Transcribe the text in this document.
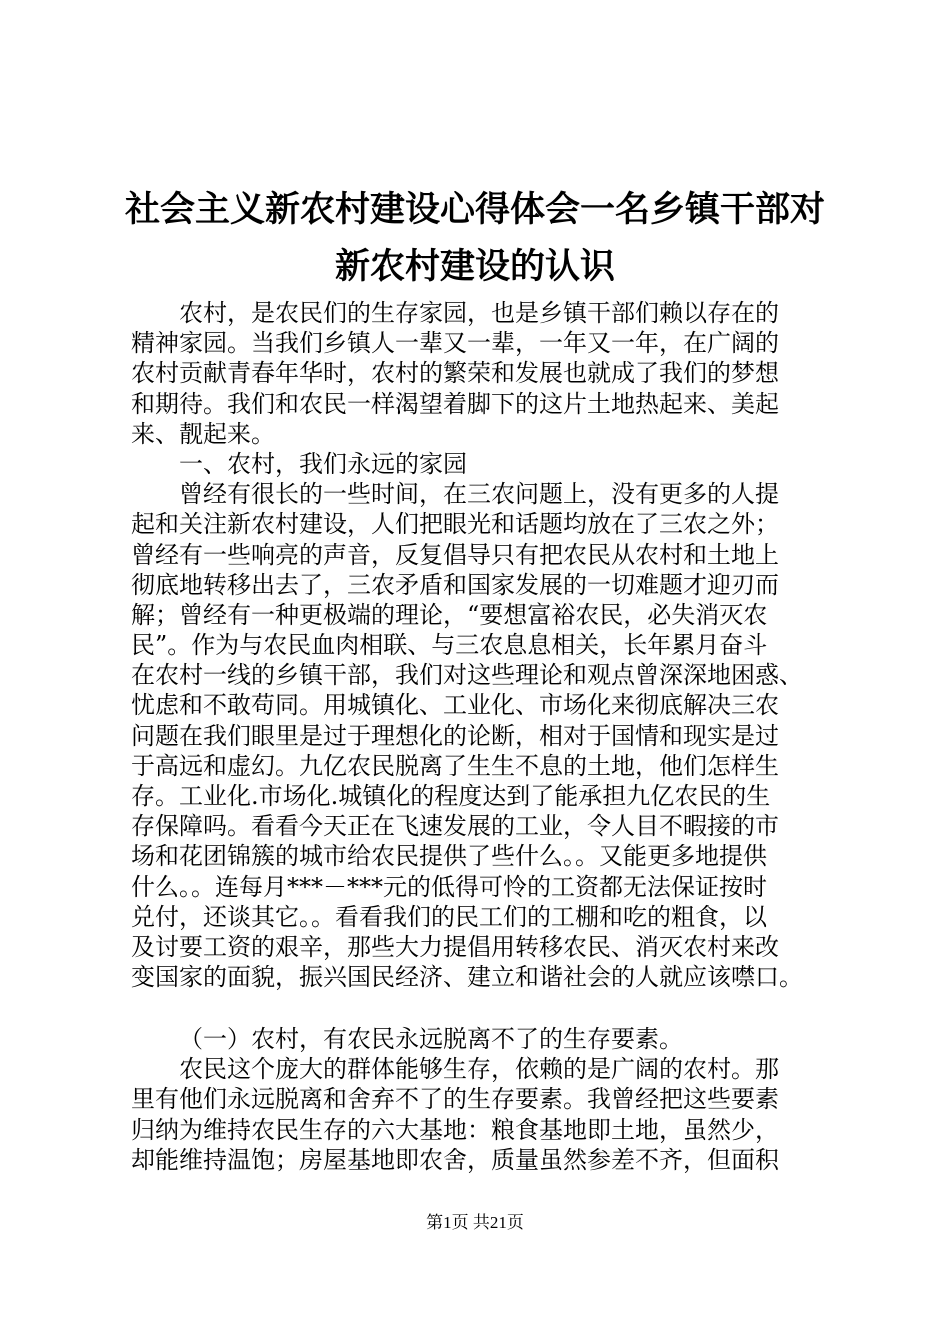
社会主义新农村建设心得体会一名乡镇干部对
新农村建设的认识
农村，是农民们的生存家园，也是乡镇干部们赖以存在的
精神家园。当我们乡镇人一辈又一辈，一年又一年，在广阔的
农村贡献青春年华时，农村的繁荣和发展也就成了我们的梦想
和期待。我们和农民一样渴望着脚下的这片土地热起来、美起
来、靓起来。
一、农村，我们永远的家园
曾经有很长的一些时间，在三农问题上，没有更多的人提
起和关注新农村建设，人们把眼光和话题均放在了三农之外；
曾经有一些响亮的声音，反复倡导只有把农民从农村和土地上
彻底地转移出去了，三农矛盾和国家发展的一切难题才迎刃而
解；曾经有一种更极端的理论，“要想富裕农民，必失消灭农
民”。作为与农民血肉相联、与三农息息相关，长年累月奋斗
在农村一线的乡镇干部，我们对这些理论和观点曾深深地困惑、
忧虑和不敢苟同。用城镇化、工业化、市场化来彻底解决三农
问题在我们眼里是过于理想化的论断，相对于国情和现实是过
于高远和虚幻。九亿农民脱离了生生不息的土地，他们怎样生
存。工业化.市场化.城镇化的程度达到了能承担九亿农民的生
存保障吗。看看今天正在飞速发展的工业，令人目不暇接的市
场和花团锦簇的城市给农民提供了些什么。。又能更多地提供
什么。。连每月***－***元的低得可怜的工资都无法保证按时
兑付，还谈其它。。看看我们的民工们的工棚和吃的粗食，以
及讨要工资的艰辛，那些大力提倡用转移农民、消灭农村来改
变国家的面貌，振兴国民经济、建立和谐社会的人就应该噤口。
（一）农村，有农民永远脱离不了的生存要素。
农民这个庞大的群体能够生存，依赖的是广阔的农村。那
里有他们永远脱离和舍弃不了的生存要素。我曾经把这些要素
归纳为维持农民生存的六大基地：粮食基地即土地，虽然少，
却能维持温饱；房屋基地即农舍，质量虽然参差不齐，但面积
第1页 共21页
